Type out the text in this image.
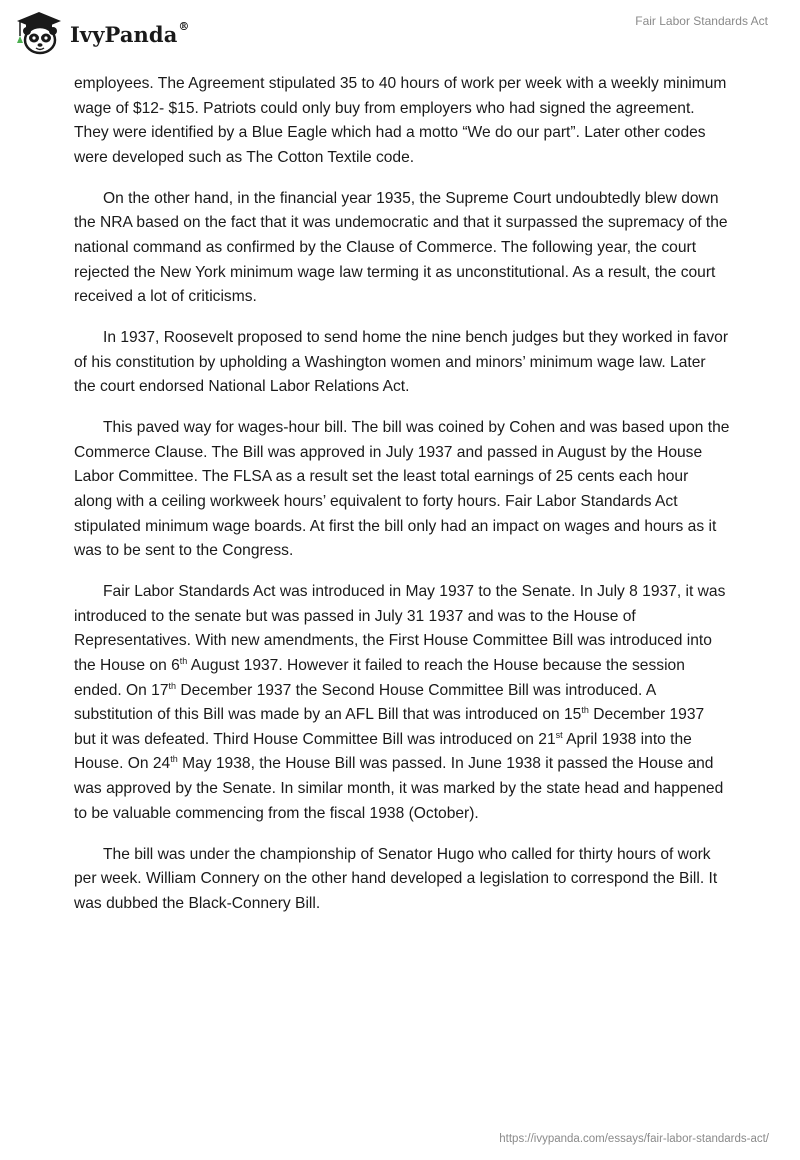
IvyPanda®	Fair Labor Standards Act

employees. The Agreement stipulated 35 to 40 hours of work per week with a weekly minimum wage of $12- $15. Patriots could only buy from employers who had signed the agreement. They were identified by a Blue Eagle which had a motto “We do our part”. Later other codes were developed such as The Cotton Textile code.

On the other hand, in the financial year 1935, the Supreme Court undoubtedly blew down the NRA based on the fact that it was undemocratic and that it surpassed the supremacy of the national command as confirmed by the Clause of Commerce. The following year, the court rejected the New York minimum wage law terming it as unconstitutional. As a result, the court received a lot of criticisms.

In 1937, Roosevelt proposed to send home the nine bench judges but they worked in favor of his constitution by upholding a Washington women and minors’ minimum wage law. Later the court endorsed National Labor Relations Act.

This paved way for wages-hour bill. The bill was coined by Cohen and was based upon the Commerce Clause. The Bill was approved in July 1937 and passed in August by the House Labor Committee. The FLSA as a result set the least total earnings of 25 cents each hour along with a ceiling workweek hours’ equivalent to forty hours. Fair Labor Standards Act stipulated minimum wage boards. At first the bill only had an impact on wages and hours as it was to be sent to the Congress.

Fair Labor Standards Act was introduced in May 1937 to the Senate. In July 8 1937, it was introduced to the senate but was passed in July 31 1937 and was to the House of Representatives. With new amendments, the First House Committee Bill was introduced into the House on 6th August 1937. However it failed to reach the House because the session ended. On 17th December 1937 the Second House Committee Bill was introduced. A substitution of this Bill was made by an AFL Bill that was introduced on 15th December 1937 but it was defeated. Third House Committee Bill was introduced on 21st April 1938 into the House. On 24th May 1938, the House Bill was passed. In June 1938 it passed the House and was approved by the Senate. In similar month, it was marked by the state head and happened to be valuable commencing from the fiscal 1938 (October).

The bill was under the championship of Senator Hugo who called for thirty hours of work per week. William Connery on the other hand developed a legislation to correspond the Bill. It was dubbed the Black-Connery Bill.

https://ivypanda.com/essays/fair-labor-standards-act/
